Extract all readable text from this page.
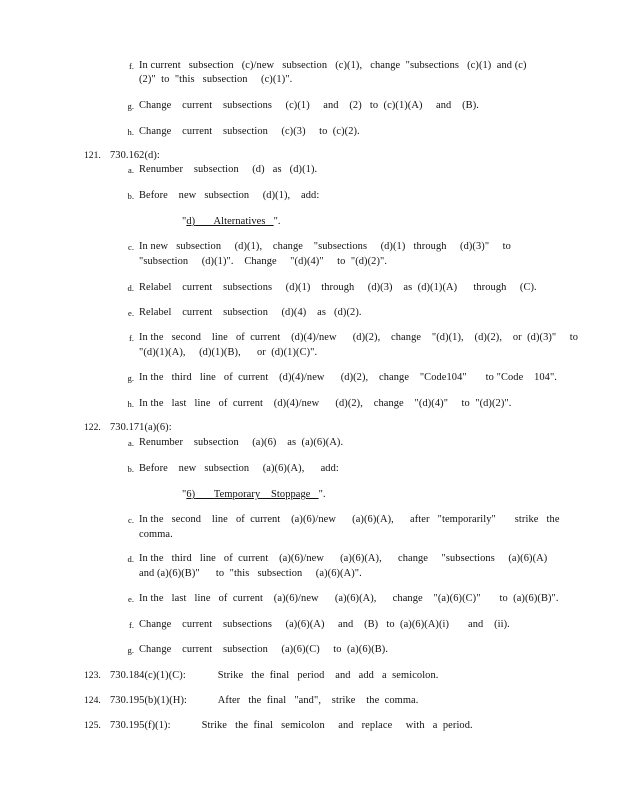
f. In current   subsection   (c)/new   subsection   (c)(1),   change  "subsections   (c)(1)  and (c)
(2)"  to  "this   subsection     (c)(1)".
g. Change    current    subsections     (c)(1)     and    (2)   to  (c)(1)(A)     and    (B).
h. Change    current    subsection     (c)(3)     to  (c)(2).
121. 730.162(d):
a. Renumber    subsection     (d)   as   (d)(1).
b. Before    new   subsection     (d)(1),    add:
"d) Alternatives ".
c. In new   subsection     (d)(1),    change    "subsections     (d)(1)   through     (d)(3)"     to
"subsection     (d)(1)".    Change     "(d)(4)"     to  "(d)(2)".
d. Relabel    current    subsections     (d)(1)    through     (d)(3)    as  (d)(1)(A)      through     (C).
e. Relabel    current    subsection     (d)(4)    as   (d)(2).
f. In the   second    line   of  current    (d)(4)/new      (d)(2),    change    "(d)(1),    (d)(2),    or  (d)(3)"     to
"(d)(1)(A),     (d)(1)(B),      or  (d)(1)(C)".
g. In the   third   line   of  current    (d)(4)/new      (d)(2),    change    "Code104"       to "Code    104".
h. In the   last   line   of  current    (d)(4)/new      (d)(2),    change    "(d)(4)"     to  "(d)(2)".
122. 730.171(a)(6):
a. Renumber    subsection     (a)(6)    as  (a)(6)(A).
b. Before    new   subsection     (a)(6)(A),      add:
"6) Temporary    Stoppage ".
c. In the   second    line   of  current    (a)(6)/new      (a)(6)(A),      after   "temporarily"       strike   the
comma.
d. In the   third   line   of  current    (a)(6)/new      (a)(6)(A),      change     "subsections     (a)(6)(A)
and (a)(6)(B)"      to  "this   subsection     (a)(6)(A)".
e. In the   last   line   of  current    (a)(6)/new      (a)(6)(A),      change    "(a)(6)(C)"       to  (a)(6)(B)".
f. Change    current    subsections     (a)(6)(A)     and    (B)   to  (a)(6)(A)(i)       and    (ii).
g. Change    current    subsection     (a)(6)(C)     to  (a)(6)(B).
123. 730.184(c)(1)(C):	Strike   the  final   period    and   add   a  semicolon.
124. 730.195(b)(1)(H):	After   the  final   "and",    strike    the  comma.
125. 730.195(f)(1):	Strike   the  final   semicolon     and   replace     with   a  period.
